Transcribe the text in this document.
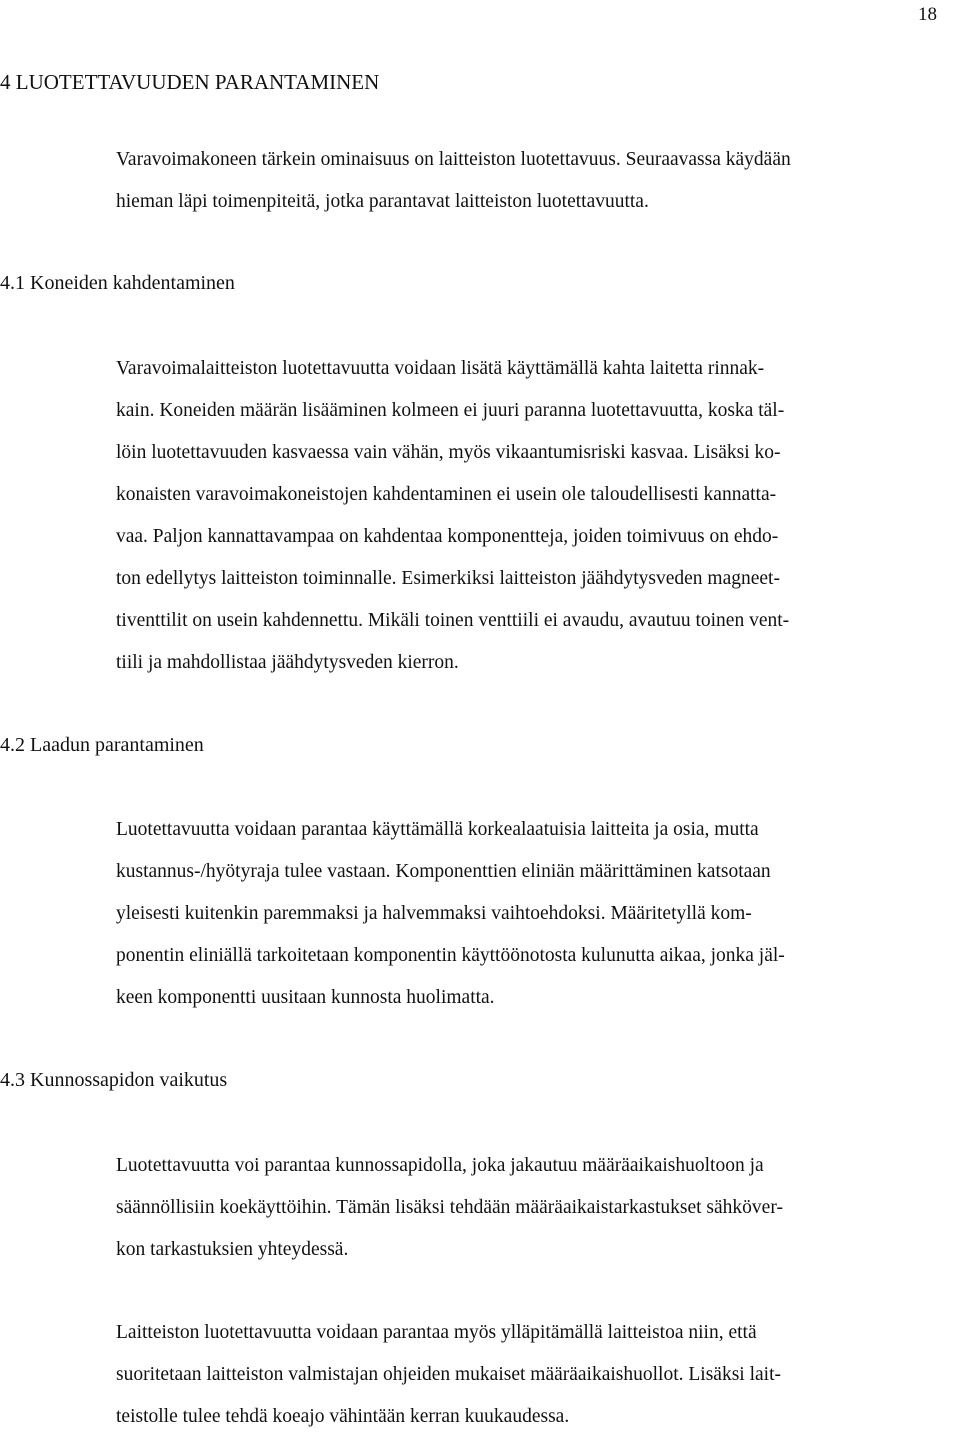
18
4 LUOTETTAVUUDEN PARANTAMINEN
Varavoimakoneen tärkein ominaisuus on laitteiston luotettavuus. Seuraavassa käydään
hieman läpi toimenpiteitä, jotka parantavat laitteiston luotettavuutta.
4.1 Koneiden kahdentaminen
Varavoimalaitteiston luotettavuutta voidaan lisätä käyttämällä kahta laitetta rinnak-
kain. Koneiden määrän lisääminen kolmeen ei juuri paranna luotettavuutta, koska täl-
löin luotettavuuden kasvaessa vain vähän, myös vikaantumisriski kasvaa. Lisäksi ko-
konaisten varavoimakoneistojen kahdentaminen ei usein ole taloudellisesti kannatta-
vaa. Paljon kannattavampaa on kahdentaa komponentteja, joiden toimivuus on ehdo-
ton edellytys laitteiston toiminnalle. Esimerkiksi laitteiston jäähdytysveden magneet-
tiventtilit on usein kahdennettu. Mikäli toinen venttiili ei avaudu, avautuu toinen vent-
tiili ja mahdollistaa jäähdytysveden kierron.
4.2 Laadun parantaminen
Luotettavuutta voidaan parantaa käyttämällä korkealaatuisia laitteita ja osia, mutta
kustannus-/hyötyraja tulee vastaan. Komponenttien eliniän määrittäminen katsotaan
yleisesti kuitenkin paremmaksi ja halvemmaksi vaihtoehdoksi. Määritetyllä kom-
ponentin eliniällä tarkoitetaan komponentin käyttöönotosta kulunutta aikaa, jonka jäl-
keen komponentti uusitaan kunnosta huolimatta.
4.3 Kunnossapidon vaikutus
Luotettavuutta voi parantaa kunnossapidolla, joka jakautuu määräaikaishuoltoon ja
säännöllisiin koekäyttöihin. Tämän lisäksi tehdään määräaikaistarkastukset sähköver-
kon tarkastuksien yhteydessä.
Laitteiston luotettavuutta voidaan parantaa myös ylläpitämällä laitteistoa niin, että
suoritetaan laitteiston valmistajan ohjeiden mukaiset määräaikaishuollot. Lisäksi lait-
teistolle tulee tehdä koeajo vähintään kerran kuukaudessa.
